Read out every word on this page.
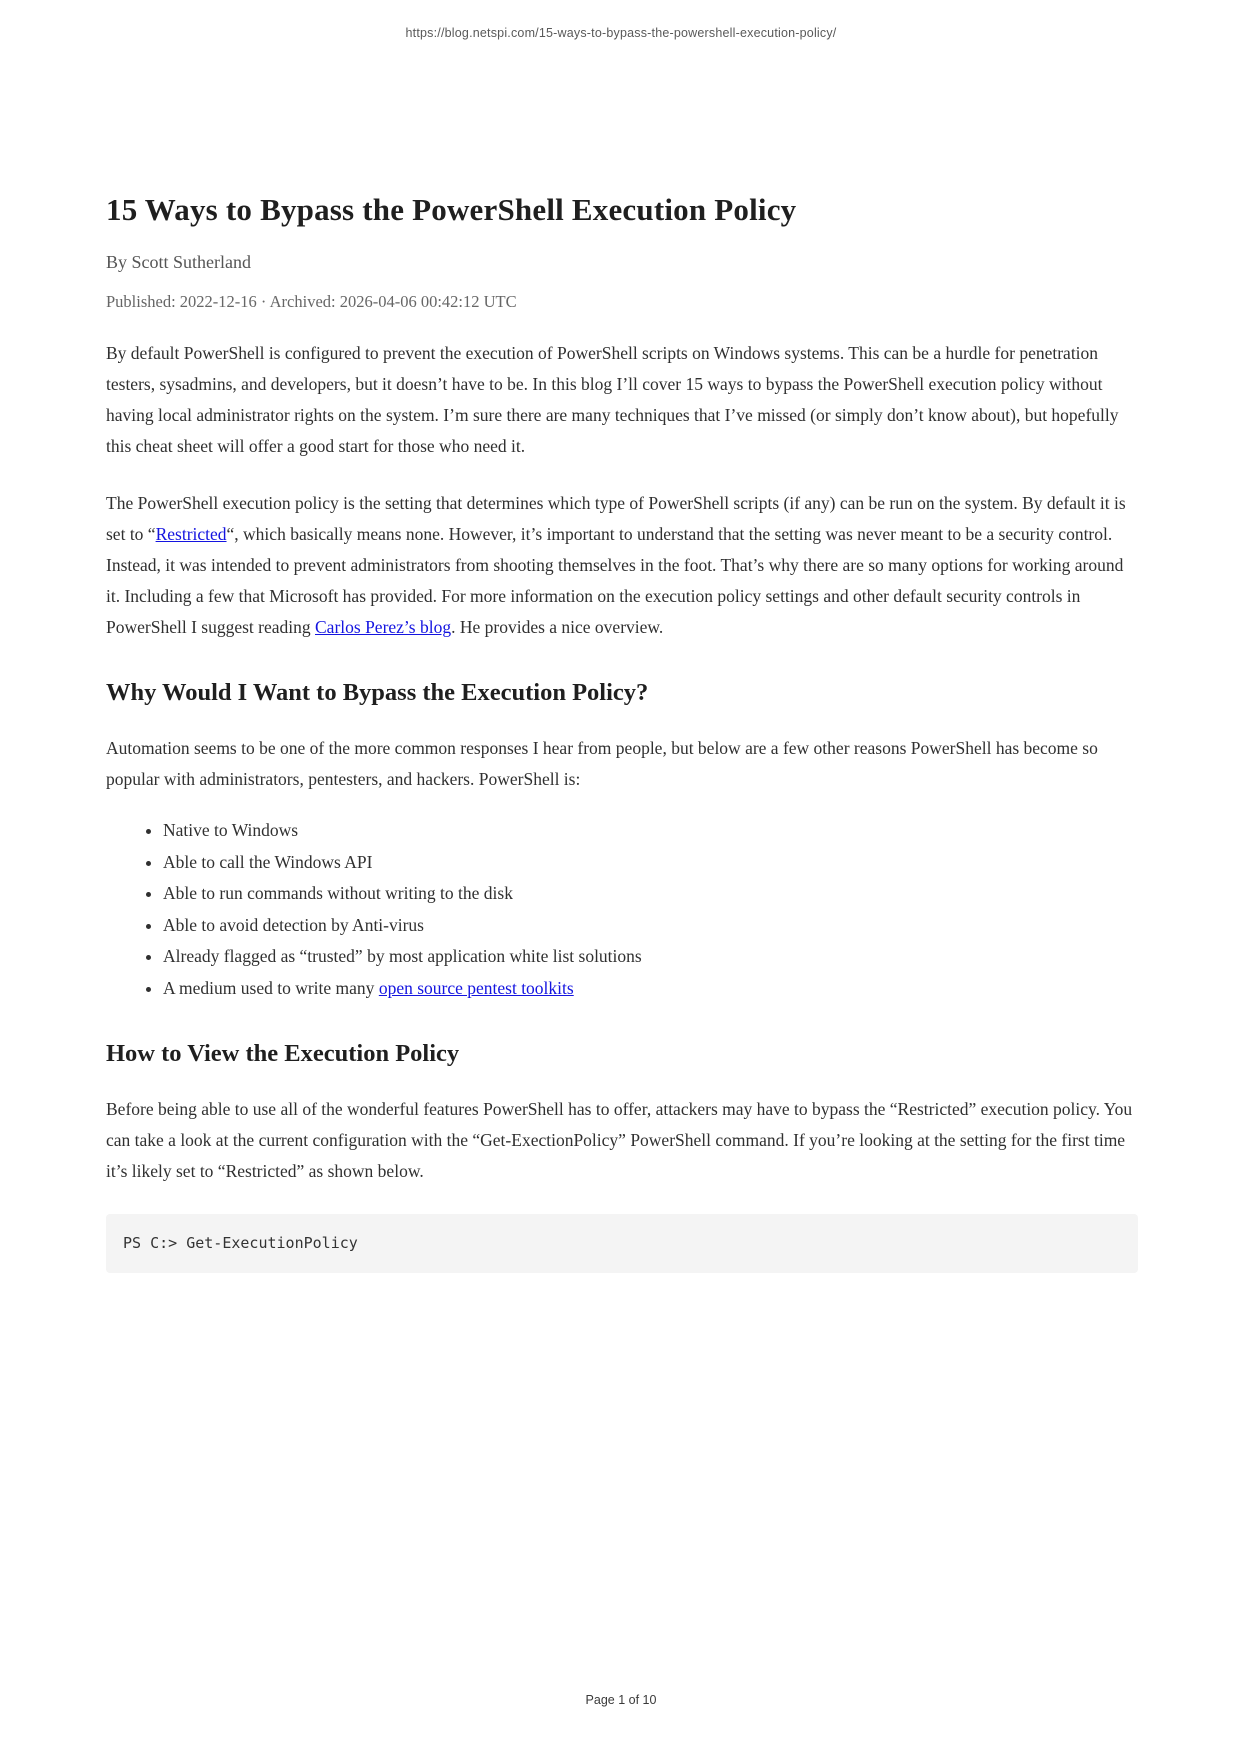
https://blog.netspi.com/15-ways-to-bypass-the-powershell-execution-policy/
15 Ways to Bypass the PowerShell Execution Policy
By Scott Sutherland
Published: 2022-12-16 · Archived: 2026-04-06 00:42:12 UTC

By default PowerShell is configured to prevent the execution of PowerShell scripts on Windows systems. This can be a hurdle for penetration testers, sysadmins, and developers, but it doesn’t have to be. In this blog I’ll cover 15 ways to bypass the PowerShell execution policy without having local administrator rights on the system. I’m sure there are many techniques that I’ve missed (or simply don’t know about), but hopefully this cheat sheet will offer a good start for those who need it.

The PowerShell execution policy is the setting that determines which type of PowerShell scripts (if any) can be run on the system. By default it is set to “Restricted“, which basically means none. However, it’s important to understand that the setting was never meant to be a security control. Instead, it was intended to prevent administrators from shooting themselves in the foot. That’s why there are so many options for working around it. Including a few that Microsoft has provided. For more information on the execution policy settings and other default security controls in PowerShell I suggest reading Carlos Perez’s blog. He provides a nice overview.

Why Would I Want to Bypass the Execution Policy?

Automation seems to be one of the more common responses I hear from people, but below are a few other reasons PowerShell has become so popular with administrators, pentesters, and hackers. PowerShell is:

• Native to Windows
• Able to call the Windows API
• Able to run commands without writing to the disk
• Able to avoid detection by Anti-virus
• Already flagged as “trusted” by most application white list solutions
• A medium used to write many open source pentest toolkits
How to View the Execution Policy

Before being able to use all of the wonderful features PowerShell has to offer, attackers may have to bypass the “Restricted” execution policy. You can take a look at the current configuration with the “Get-ExectionPolicy” PowerShell command. If you’re looking at the setting for the first time it’s likely set to “Restricted” as shown below.

PS C:> Get-ExecutionPolicy
Page 1 of 10
